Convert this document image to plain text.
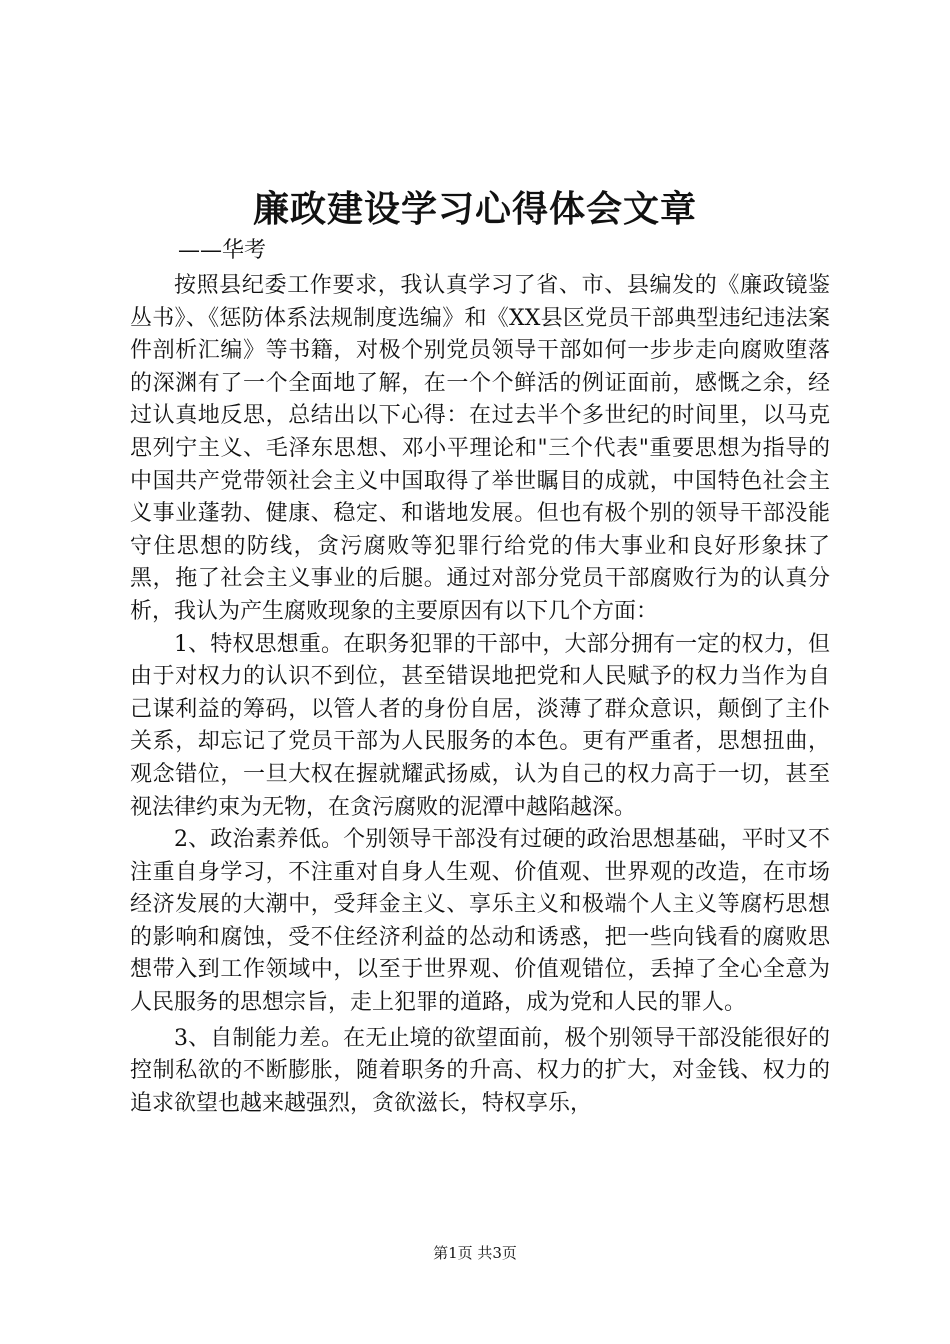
廉政建设学习心得体会文章
——华考

按照县纪委工作要求，我认真学习了省、市、县编发的《廉政镜鉴丛书》、《惩防体系法规制度选编》和《XX县区党员干部典型违纪违法案件剖析汇编》等书籍，对极个别党员领导干部如何一步步走向腐败堕落的深渊有了一个全面地了解，在一个个鲜活的例证面前，感慨之余，经过认真地反思，总结出以下心得：在过去半个多世纪的时间里，以马克思列宁主义、毛泽东思想、邓小平理论和"三个代表"重要思想为指导的中国共产党带领社会主义中国取得了举世瞩目的成就，中国特色社会主义事业蓬勃、健康、稳定、和谐地发展。但也有极个别的领导干部没能守住思想的防线，贪污腐败等犯罪行给党的伟大事业和良好形象抹了黑，拖了社会主义事业的后腿。通过对部分党员干部腐败行为的认真分析，我认为产生腐败现象的主要原因有以下几个方面：

1、特权思想重。在职务犯罪的干部中，大部分拥有一定的权力，但由于对权力的认识不到位，甚至错误地把党和人民赋予的权力当作为自己谋利益的筹码，以管人者的身份自居，淡薄了群众意识，颠倒了主仆关系，却忘记了党员干部为人民服务的本色。更有严重者，思想扭曲，观念错位，一旦大权在握就耀武扬威，认为自己的权力高于一切，甚至视法律约束为无物，在贪污腐败的泥潭中越陷越深。

2、政治素养低。个别领导干部没有过硬的政治思想基础，平时又不注重自身学习，不注重对自身人生观、价值观、世界观的改造，在市场经济发展的大潮中，受拜金主义、享乐主义和极端个人主义等腐朽思想的影响和腐蚀，受不住经济利益的怂动和诱惑，把一些向钱看的腐败思想带入到工作领域中，以至于世界观、价值观错位，丢掉了全心全意为人民服务的思想宗旨，走上犯罪的道路，成为党和人民的罪人。

3、自制能力差。在无止境的欲望面前，极个别领导干部没能很好的控制私欲的不断膨胀，随着职务的升高、权力的扩大，对金钱、权力的追求欲望也越来越强烈，贪欲滋长，特权享乐，

第1页 共3页
